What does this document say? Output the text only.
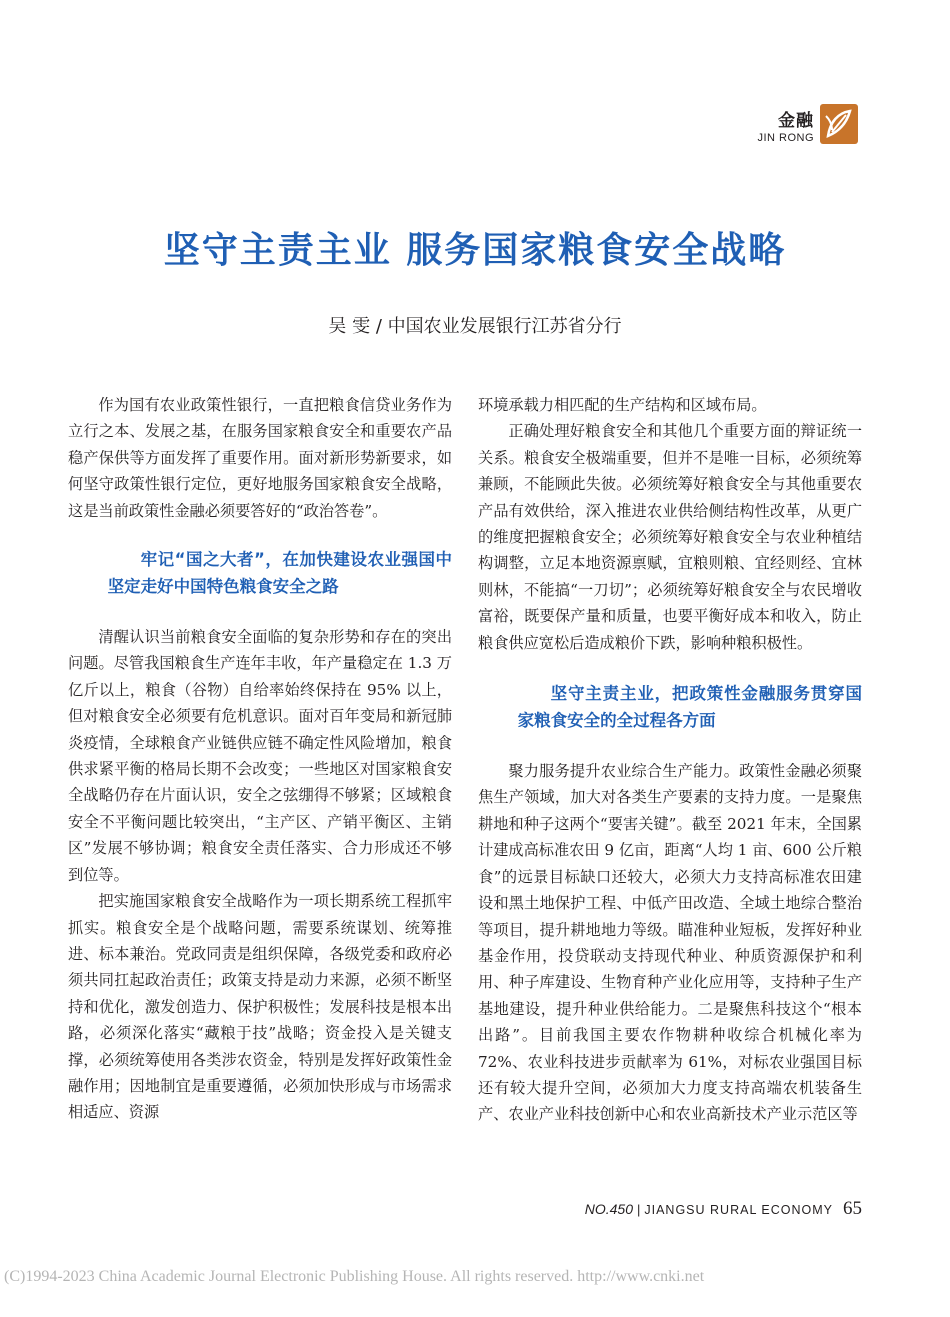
金融
JIN RONG
坚守主责主业 服务国家粮食安全战略
吴 雯 / 中国农业发展银行江苏省分行

作为国有农业政策性银行，一直把粮食信贷业务作为立行之本、发展之基，在服务国家粮食安全和重要农产品稳产保供等方面发挥了重要作用。面对新形势新要求，如何坚守政策性银行定位，更好地服务国家粮食安全战略，这是当前政策性金融必须要答好的“政治答卷”。

牢记“国之大者”，在加快建设农业强国中坚定走好中国特色粮食安全之路

清醒认识当前粮食安全面临的复杂形势和存在的突出问题。尽管我国粮食生产连年丰收，年产量稳定在 1.3 万亿斤以上，粮食（谷物）自给率始终保持在 95% 以上，但对粮食安全必须要有危机意识。面对百年变局和新冠肺炎疫情，全球粮食产业链供应链不确定性风险增加，粮食供求紧平衡的格局长期不会改变；一些地区对国家粮食安全战略仍存在片面认识，安全之弦绷得不够紧；区域粮食安全不平衡问题比较突出，“主产区、产销平衡区、主销区”发展不够协调；粮食安全责任落实、合力形成还不够到位等。

把实施国家粮食安全战略作为一项长期系统工程抓牢抓实。粮食安全是个战略问题，需要系统谋划、统筹推进、标本兼治。党政同责是组织保障，各级党委和政府必须共同扛起政治责任；政策支持是动力来源，必须不断坚持和优化，激发创造力、保护积极性；发展科技是根本出路，必须深化落实“藏粮于技”战略；资金投入是关键支撑，必须统筹使用各类涉农资金，特别是发挥好政策性金融作用；因地制宜是重要遵循，必须加快形成与市场需求相适应、资源

环境承载力相匹配的生产结构和区域布局。

正确处理好粮食安全和其他几个重要方面的辩证统一关系。粮食安全极端重要，但并不是唯一目标，必须统筹兼顾，不能顾此失彼。必须统筹好粮食安全与其他重要农产品有效供给，深入推进农业供给侧结构性改革，从更广的维度把握粮食安全；必须统筹好粮食安全与农业种植结构调整，立足本地资源禀赋，宜粮则粮、宜经则经、宜林则林，不能搞“一刀切”；必须统筹好粮食安全与农民增收富裕，既要保产量和质量，也要平衡好成本和收入，防止粮食供应宽松后造成粮价下跌，影响种粮积极性。

坚守主责主业，把政策性金融服务贯穿国家粮食安全的全过程各方面

聚力服务提升农业综合生产能力。政策性金融必须聚焦生产领域，加大对各类生产要素的支持力度。一是聚焦耕地和种子这两个“要害关键”。截至 2021 年末，全国累计建成高标准农田 9 亿亩，距离“人均 1 亩、600 公斤粮食”的远景目标缺口还较大，必须大力支持高标准农田建设和黑土地保护工程、中低产田改造、全域土地综合整治等项目，提升耕地地力等级。瞄准种业短板，发挥好种业基金作用，投贷联动支持现代种业、种质资源保护和利用、种子库建设、生物育种产业化应用等，支持种子生产基地建设，提升种业供给能力。二是聚焦科技这个“根本出路”。目前我国主要农作物耕种收综合机械化率为 72%、农业科技进步贡献率为 61%，对标农业强国目标还有较大提升空间，必须加大力度支持高端农机装备生产、农业产业科技创新中心和农业高新技术产业示范区等

NO.450 | JIANGSU RURAL ECONOMY 65
(C)1994-2023 China Academic Journal Electronic Publishing House. All rights reserved. http://www.cnki.net
